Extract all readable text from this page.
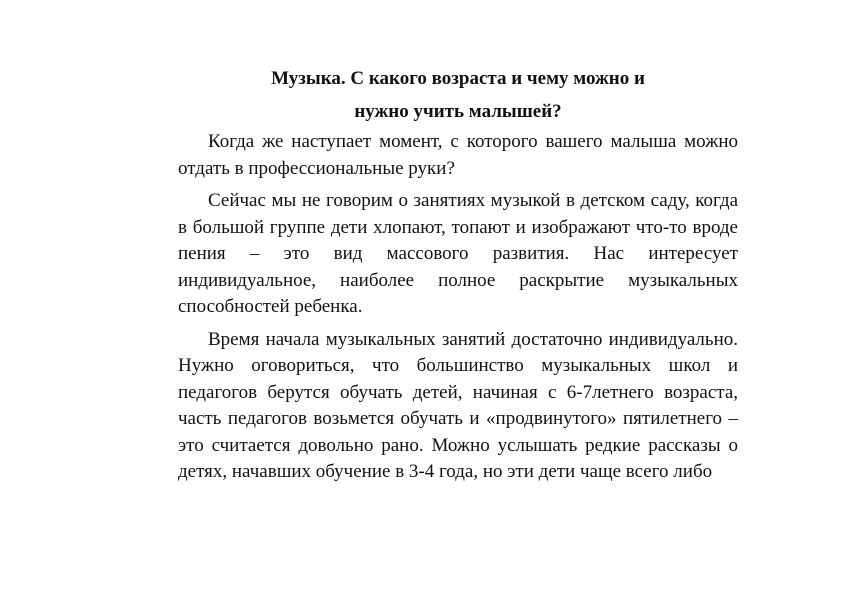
Музыка. С какого возраста и чему можно и
нужно учить малышей?

Когда же наступает момент, с которого вашего малыша можно отдать в профессиональные руки?

Сейчас мы не говорим о занятиях музыкой в детском саду, когда в большой группе дети хлопают, топают и изображают что-то вроде пения – это вид массового развития. Нас интересует индивидуальное, наиболее полное раскрытие музыкальных способностей ребенка.

Время начала музыкальных занятий достаточно индивидуально. Нужно оговориться, что большинство музыкальных школ и педагогов берутся обучать детей, начиная с 6-7летнего возраста, часть педагогов возьмется обучать и «продвинутого» пятилетнего – это считается довольно рано. Можно услышать редкие рассказы о детях, начавших обучение в 3-4 года, но эти дети чаще всего либо
